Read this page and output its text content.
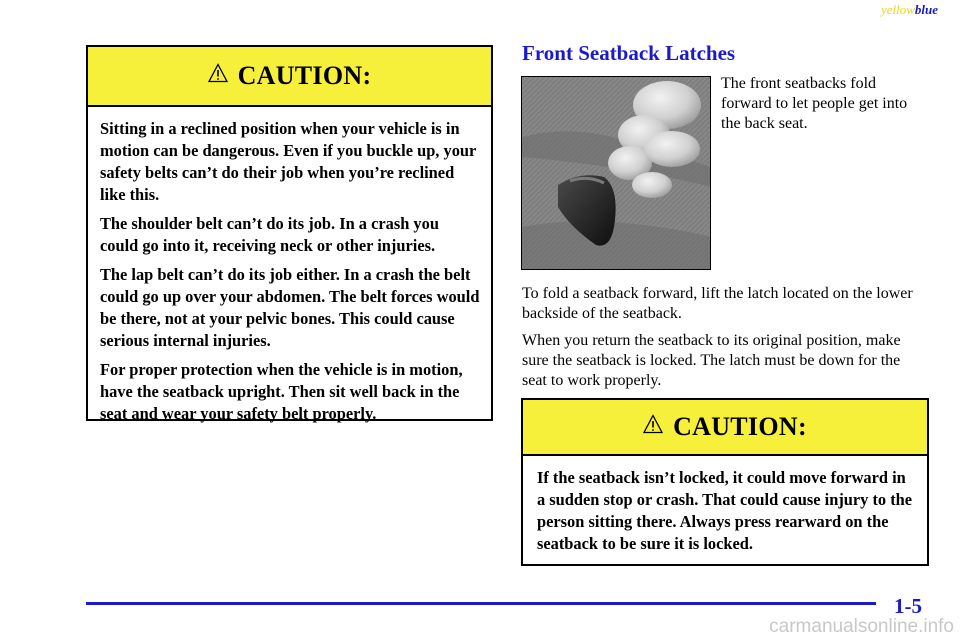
yellowblue
CAUTION:

Sitting in a reclined position when your vehicle is in motion can be dangerous. Even if you buckle up, your safety belts can’t do their job when you’re reclined like this.

The shoulder belt can’t do its job. In a crash you could go into it, receiving neck or other injuries.

The lap belt can’t do its job either. In a crash the belt could go up over your abdomen. The belt forces would be there, not at your pelvic bones. This could cause serious internal injuries.

For proper protection when the vehicle is in motion, have the seatback upright. Then sit well back in the seat and wear your safety belt properly.

Front Seatback Latches

The front seatbacks fold forward to let people get into the back seat.

To fold a seatback forward, lift the latch located on the lower backside of the seatback.

When you return the seatback to its original position, make sure the seatback is locked. The latch must be down for the seat to work properly.

CAUTION:

If the seatback isn’t locked, it could move forward in a sudden stop or crash. That could cause injury to the person sitting there. Always press rearward on the seatback to be sure it is locked.

1-5
carmanualsonline.info
